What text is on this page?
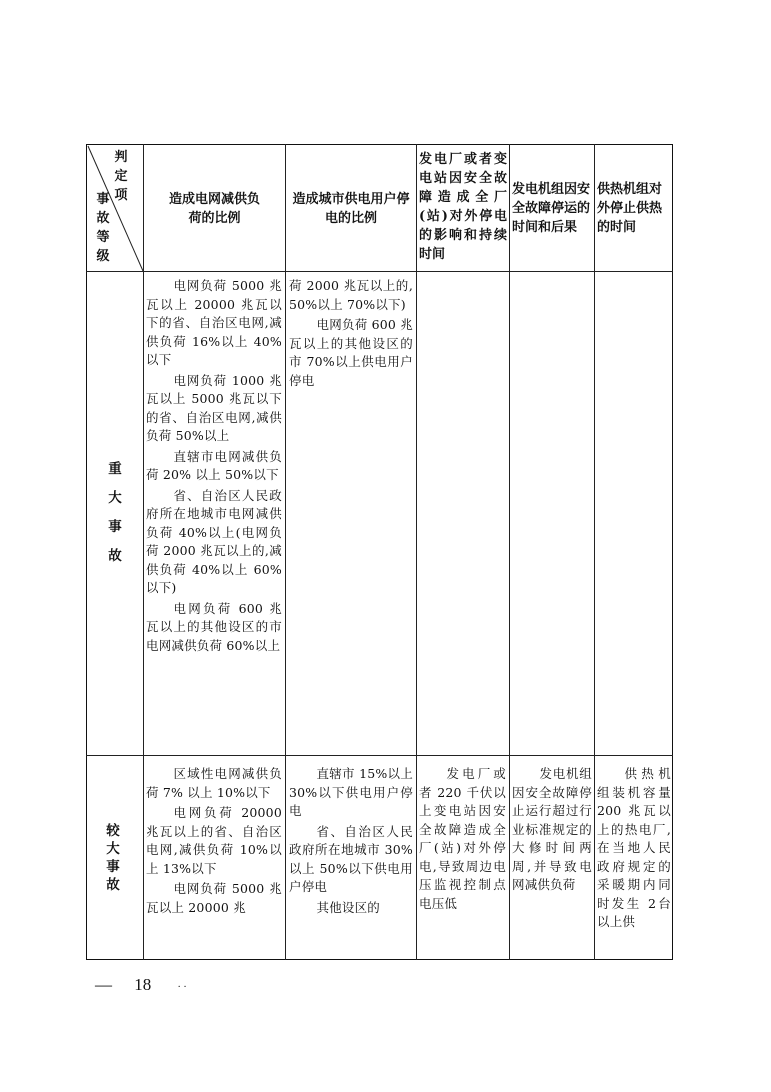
判
定
项
事
故
等
级
造成电网减供负荷的比例
造成城市供电用户停电的比例
发电厂或者变电站因安全故障造成全厂(站)对外停电的影响和持续时间
发电机组因安全故障停运的时间和后果
供热机组对外停止供热的时间
重
大
事
故

电网负荷 5000 兆瓦以上 20000 兆瓦以下的省、自治区电网,减供负荷 16%以上 40%以下

电网负荷 1000 兆瓦以上 5000 兆瓦以下的省、自治区电网,减供负荷 50%以上

直辖市电网减供负荷 20% 以上 50%以下

省、自治区人民政府所在地城市电网减供负荷 40%以上(电网负荷 2000 兆瓦以上的,减供负荷 40%以上 60%以下)

电网负荷 600 兆瓦以上的其他设区的市电网减供负荷 60%以上

荷 2000 兆瓦以上的,50%以上 70%以下)

电网负荷 600 兆瓦以上的其他设区的市 70%以上供电用户停电

较
大
事
故

区域性电网减供负荷 7% 以上 10%以下

电网负荷 20000 兆瓦以上的省、自治区电网,减供负荷 10%以上 13%以下

电网负荷 5000 兆瓦以上 20000 兆

直辖市 15%以上 30%以下供电用户停电

省、自治区人民政府所在地城市 30%以上 50%以下供电用户停电

其他设区的

发电厂或者 220 千伏以上变电站因安全故障造成全厂(站)对外停电,导致周边电压监视控制点电压低

发电机组因安全故障停止运行超过行业标准规定的大修时间两周,并导致电网减供负荷

供热机组装机容量 200 兆瓦以上的热电厂,在当地人民政府规定的采暖期内同时发生 2台以上供

— 18	· ·
